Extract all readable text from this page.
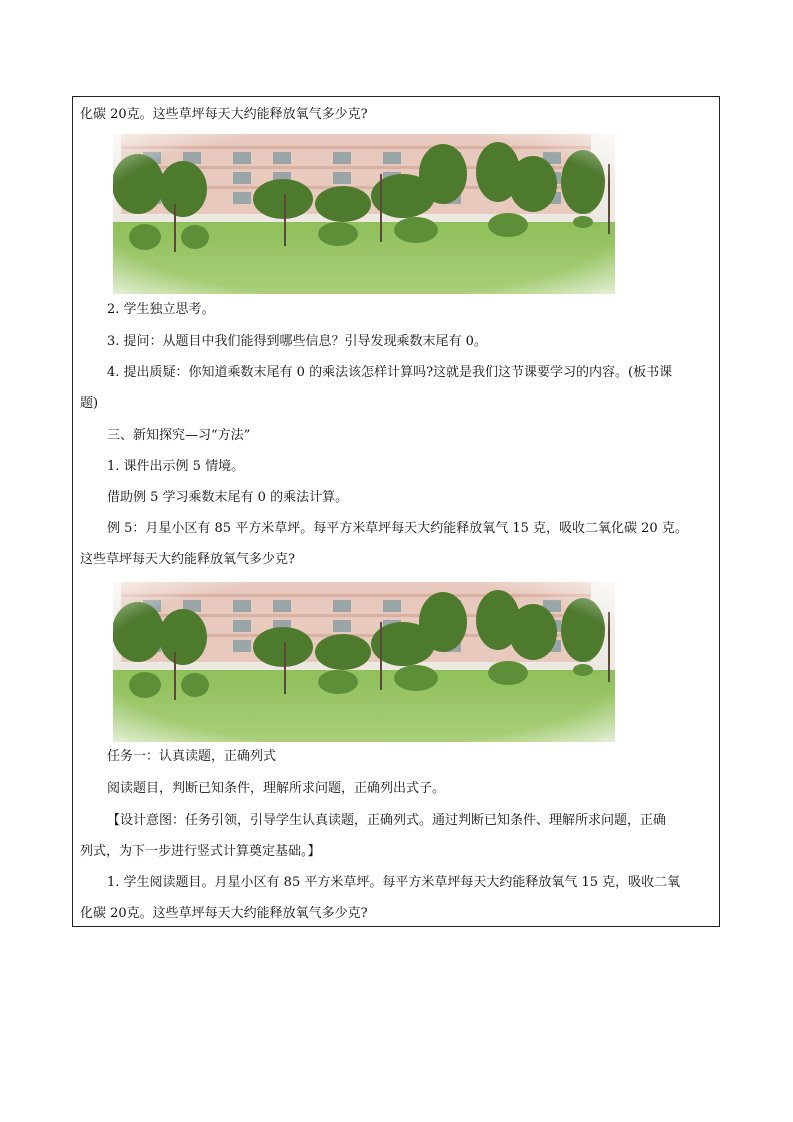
化碳 20克。这些草坪每天大约能释放氧气多少克?
2. 学生独立思考。
3. 提问：从题目中我们能得到哪些信息？引导发现乘数末尾有 0。
4. 提出质疑：你知道乘数末尾有 0 的乘法该怎样计算吗?这就是我们这节课要学习的内容。(板书课
题)
三、新知探究—习“方法”
1. 课件出示例 5 情境。
借助例 5 学习乘数末尾有 0 的乘法计算。
例 5：月星小区有 85 平方米草坪。每平方米草坪每天大约能释放氧气 15 克，吸收二氧化碳 20 克。
这些草坪每天大约能释放氧气多少克?
任务一：认真读题，正确列式
阅读题目，判断已知条件，理解所求问题，正确列出式子。
【设计意图：任务引领，引导学生认真读题，正确列式。通过判断已知条件、理解所求问题，正确
列式，为下一步进行竖式计算奠定基础。】
1. 学生阅读题目。月星小区有 85 平方米草坪。每平方米草坪每天大约能释放氧气 15 克，吸收二氧
化碳 20克。这些草坪每天大约能释放氧气多少克?
